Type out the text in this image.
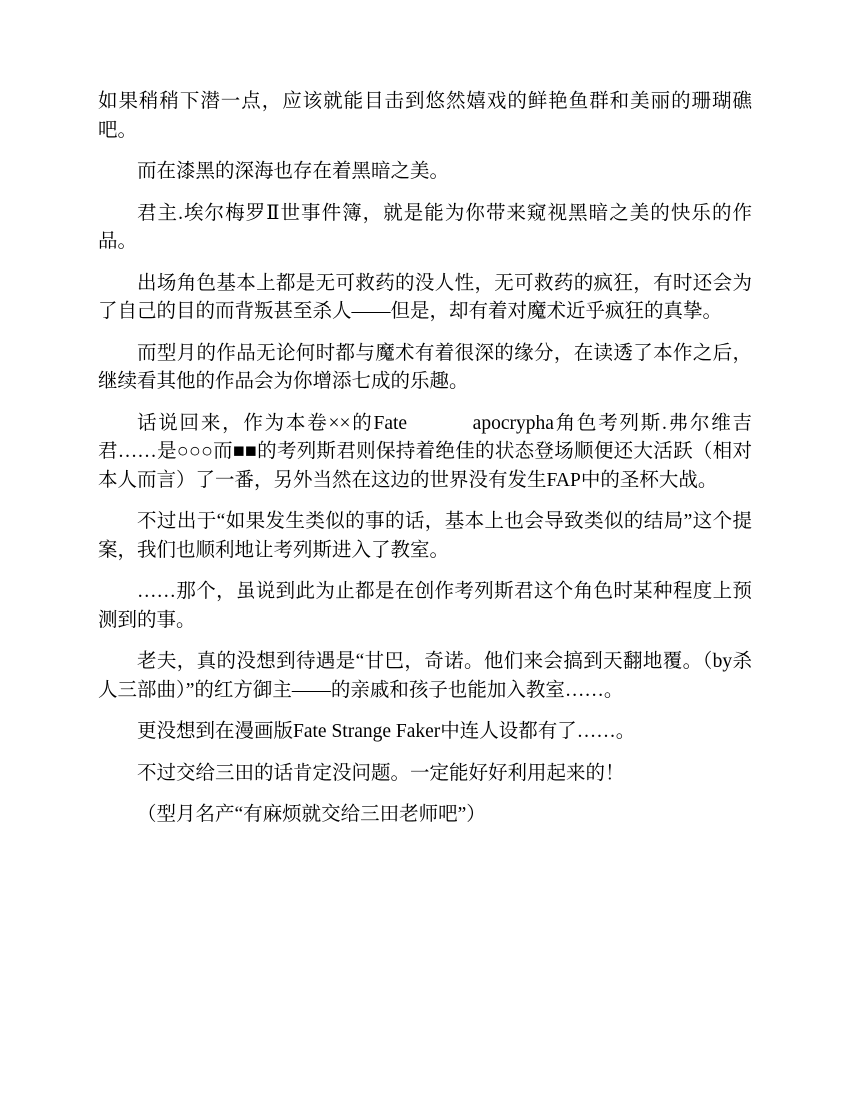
如果稍稍下潜一点，应该就能目击到悠然嬉戏的鲜艳鱼群和美丽的珊瑚礁吧。

而在漆黑的深海也存在着黑暗之美。

君主.埃尔梅罗Ⅱ世事件簿，就是能为你带来窥视黑暗之美的快乐的作品。

出场角色基本上都是无可救药的没人性，无可救药的疯狂，有时还会为了自己的目的而背叛甚至杀人——但是，却有着对魔术近乎疯狂的真挚。

而型月的作品无论何时都与魔术有着很深的缘分，在读透了本作之后，继续看其他的作品会为你增添七成的乐趣。

话说回来，作为本卷××的Fate　　　apocrypha角色考列斯.弗尔维吉君……是○○○而■■的考列斯君则保持着绝佳的状态登场顺便还大活跃（相对本人而言）了一番，另外当然在这边的世界没有发生FAP中的圣杯大战。

不过出于“如果发生类似的事的话，基本上也会导致类似的结局”这个提案，我们也顺利地让考列斯进入了教室。

……那个，虽说到此为止都是在创作考列斯君这个角色时某种程度上预测到的事。

老夫，真的没想到待遇是“甘巴，奇诺。他们来会搞到天翻地覆。（by杀人三部曲）”的红方御主——的亲戚和孩子也能加入教室……。

更没想到在漫画版Fate Strange Faker中连人设都有了……。

不过交给三田的话肯定没问题。一定能好好利用起来的！

（型月名产“有麻烦就交给三田老师吧”）
